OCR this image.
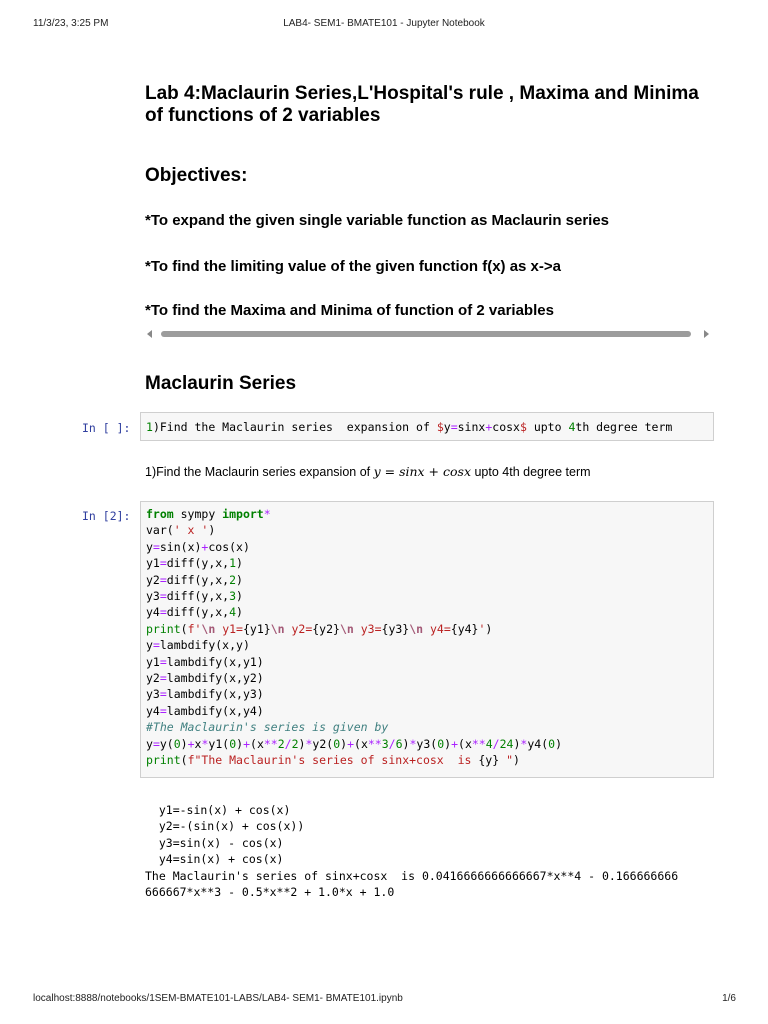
11/3/23, 3:25 PM	LAB4- SEM1- BMATE101 - Jupyter Notebook
Lab 4:Maclaurin Series,L'Hospital's rule , Maxima and Minima of functions of 2 variables
Objectives:

*To expand the given single variable function as Maclaurin series

*To find the limiting value of the given function f(x) as x->a

*To find the Maxima and Minima of function of 2 variables

Maclaurin Series
In [ ]:	1)Find the Maclaurin series  expansion of $y=sinx+cosx$ upto 4th degree term
1)Find the Maclaurin series expansion of y = sinx + cosx upto 4th degree term
In [2]:	from sympy import*
var(' x ')
y=sin(x)+cos(x)
y1=diff(y,x,1)
y2=diff(y,x,2)
y3=diff(y,x,3)
y4=diff(y,x,4)
print(f'\n y1={y1}\n y2={y2}\n y3={y3}\n y4={y4}')
y=lambdify(x,y)
y1=lambdify(x,y1)
y2=lambdify(x,y2)
y3=lambdify(x,y3)
y4=lambdify(x,y4)
#The Maclaurin's series is given by
y=y(0)+x*y1(0)+(x**2/2)*y2(0)+(x**3/6)*y3(0)+(x**4/24)*y4(0)
print(f"The Maclaurin's series of sinx+cosx  is {y} ")
y1=-sin(x) + cos(x)
y2=-(sin(x) + cos(x))
y3=sin(x) - cos(x)
y4=sin(x) + cos(x)
The Maclaurin's series of sinx+cosx  is 0.0416666666666667*x**4 - 0.166666666
666667*x**3 - 0.5*x**2 + 1.0*x + 1.0
localhost:8888/notebooks/1SEM-BMATE101-LABS/LAB4- SEM1- BMATE101.ipynb	1/6
